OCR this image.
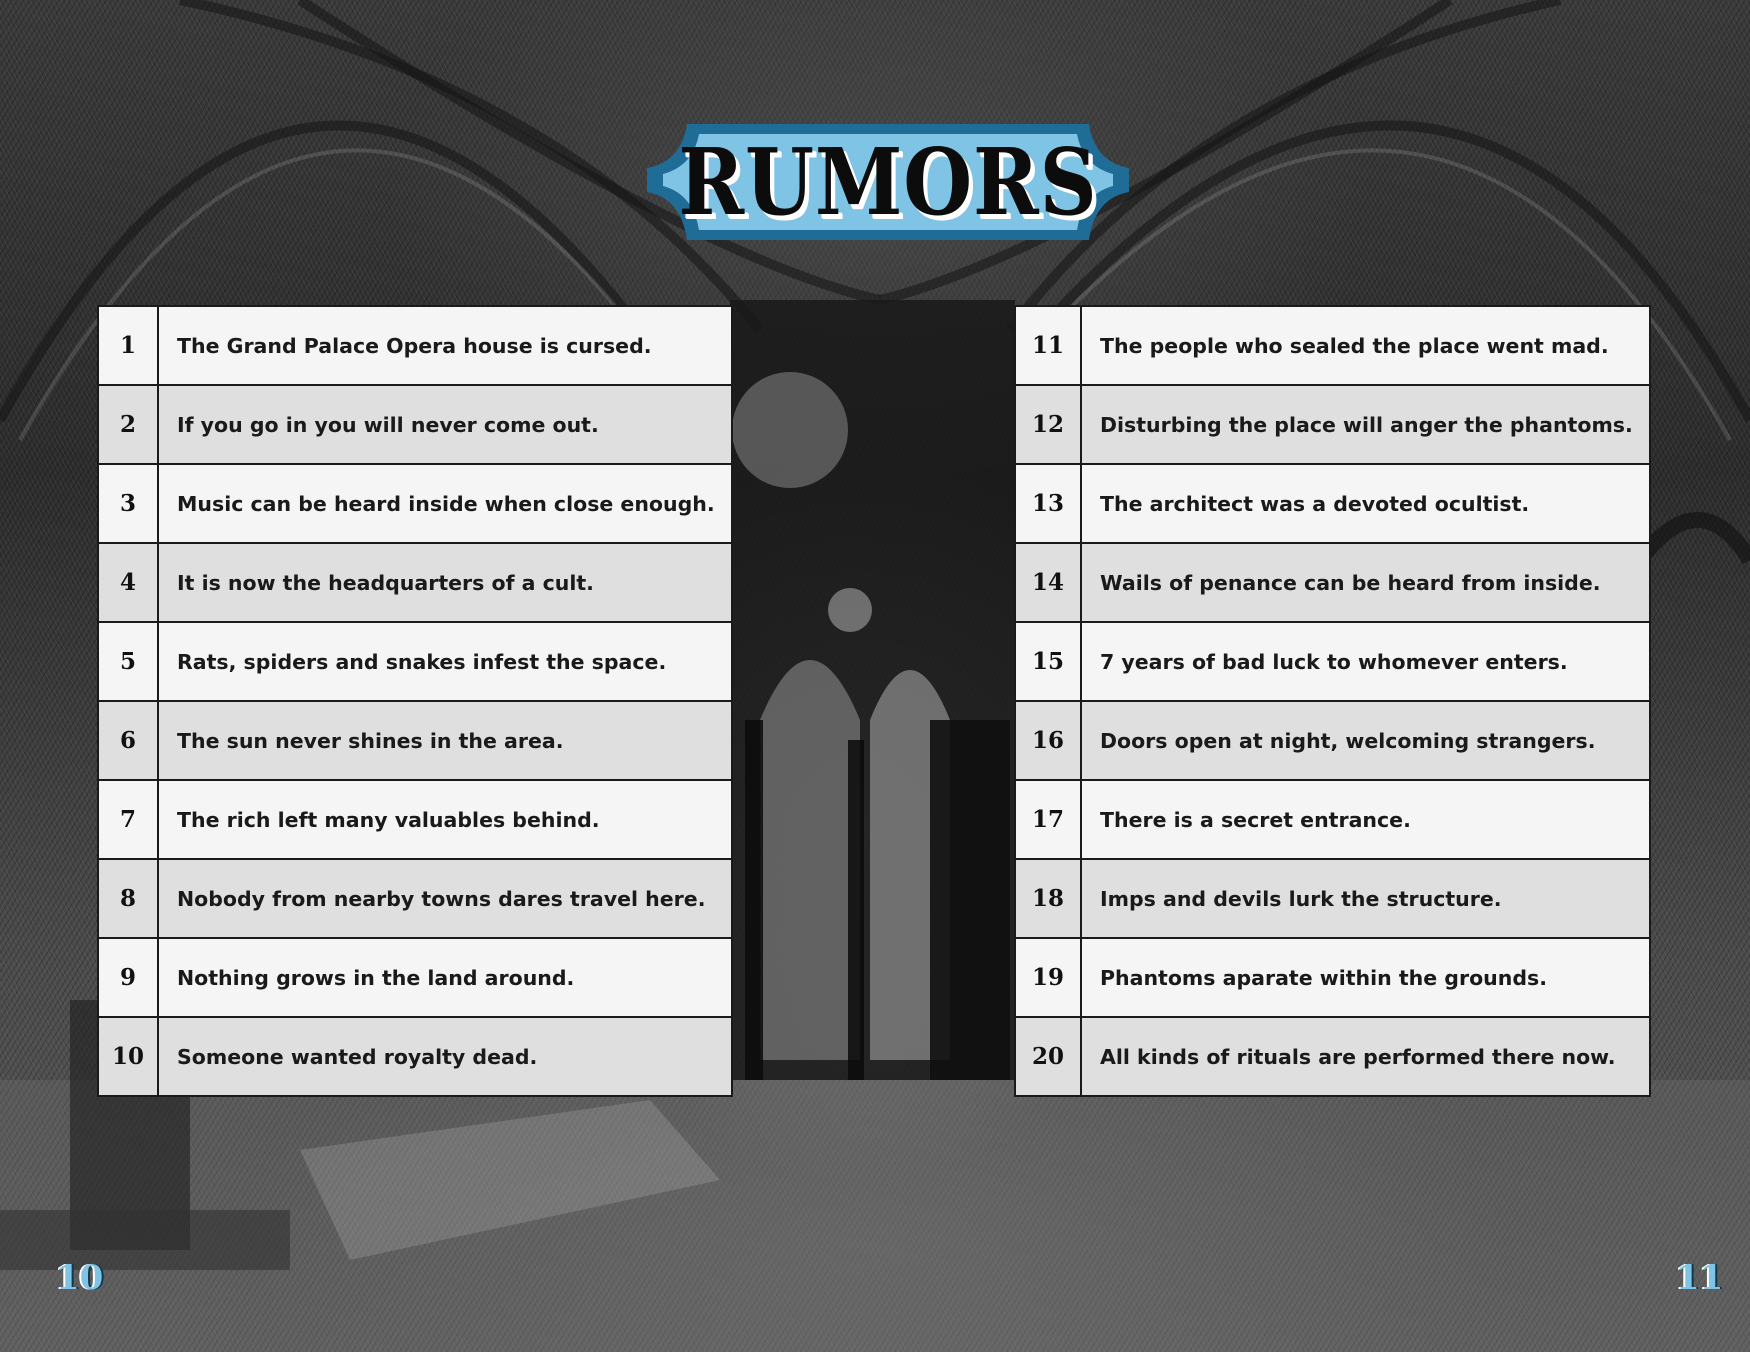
RUMORS
1	The Grand Palace Opera house is cursed.
2	If you go in you will never come out.
3	Music can be heard inside when close enough.
4	It is now the headquarters of a cult.
5	Rats, spiders and snakes infest the space.
6	The sun never shines in the area.
7	The rich left many valuables behind.
8	Nobody from nearby towns dares travel here.
9	Nothing grows in the land around.
10	Someone wanted royalty dead.
11	The people who sealed the place went mad.
12	Disturbing the place will anger the phantoms.
13	The architect was a devoted ocultist.
14	Wails of penance can be heard from inside.
15	7 years of bad luck to whomever enters.
16	Doors open at night, welcoming strangers.
17	There is a secret entrance.
18	Imps and devils lurk the structure.
19	Phantoms aparate within the grounds.
20	All kinds of rituals are performed there now.
10	11
